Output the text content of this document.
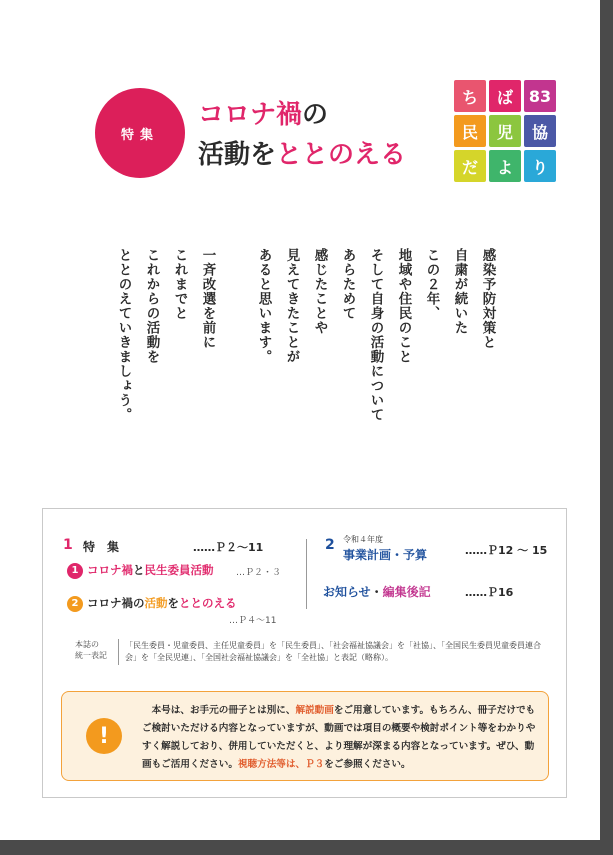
特集
コロナ禍の
活動をととのえる
ち	ば 83
民	児	協
だ	よ	り
感染予防対策と
自粛が続いた
この２年、
地域や住民のこと
そして自身の活動について
あらためて
感じたことや
見えてきたことが
あると思います。
一斉改選を前に
これまでと
これからの活動を
ととのえていきましょう。
1 特　集	……Ｐ２〜11
1 コロナ禍と民生委員活動	…Ｐ２・３
2 コロナ禍の活動をととのえる
…Ｐ４〜11
2 令和４年度
事業計画・予算	……Ｐ12 〜 15
お知らせ・編集後記	……Ｐ16
本誌の
統一表記
「民生委員・児童委員、主任児童委員」を「民生委員」、「社会福祉協議会」を「社協」、「全国民生委員児童委員連合会」を「全民児連」、「全国社会福祉協議会」を「全社協」と表記（略称）。
!
　本号は、お手元の冊子とは別に、解説動画をご用意しています。もちろん、冊子だけでもご検討いただける内容となっていますが、動画では項目の概要や検討ポイント等をわかりやすく解説しており、併用していただくと、より理解が深まる内容となっています。ぜひ、動画もご活用ください。視聴方法等は、Ｐ３をご参照ください。
